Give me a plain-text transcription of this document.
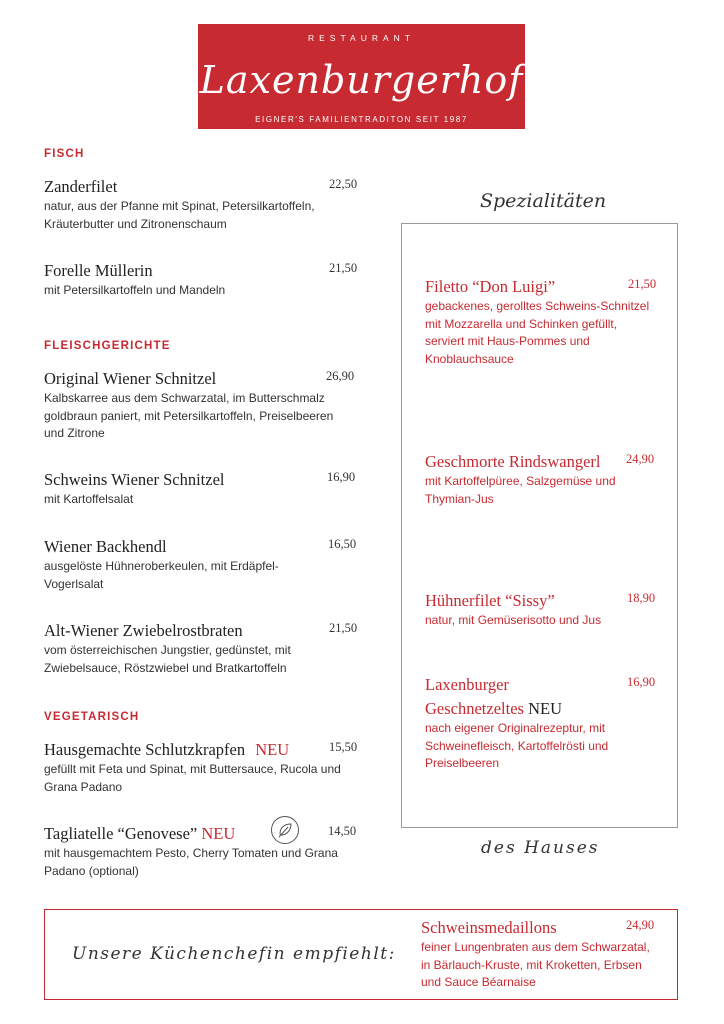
RESTAURANT
Laxenburgerhof
EIGNER'S FAMILIENTRADITON SEIT 1987
FISCH
Zanderfilet	22,50
natur, aus der Pfanne mit Spinat, Petersilkartoffeln, Kräuterbutter und Zitronenschaum
Forelle Müllerin	21,50
mit Petersilkartoffeln und Mandeln
FLEISCHGERICHTE
Original Wiener Schnitzel	26,90
Kalbskarree aus dem Schwarzatal, im Butterschmalz goldbraun paniert, mit Petersilkartoffeln, Preiselbeeren und Zitrone
Schweins Wiener Schnitzel	16,90
mit Kartoffelsalat
Wiener Backhendl	16,50
ausgelöste Hühneroberkeulen, mit Erdäpfel-Vogerlsalat
Alt-Wiener Zwiebelrostbraten	21,50
vom österreichischen Jungstier, gedünstet, mit Zwiebelsauce, Röstzwiebel und Bratkartoffeln
VEGETARISCH
Hausgemachte Schlutzkrapfen NEU	15,50
gefüllt mit Feta und Spinat, mit Buttersauce, Rucola und Grana Padano
Tagliatelle “Genovese” NEU	14,50
mit hausgemachtem Pesto, Cherry Tomaten und Grana Padano (optional)
Spezialitäten
Filetto “Don Luigi”	21,50
gebackenes, gerolltes Schweins-Schnitzel mit Mozzarella und Schinken gefüllt, serviert mit Haus-Pommes und Knoblauchsauce
Geschmorte Rindswangerl 24,90
mit Kartoffelpüree, Salzgemüse und Thymian-Jus
Hühnerfilet “Sissy”	18,90
natur, mit Gemüserisotto und Jus
Laxenburger	16,90
Geschnetzeltes NEU
nach eigener Originalrezeptur, mit Schweinefleisch, Kartoffelrösti und Preiselbeeren
des Hauses
Unsere Küchenchefin empfiehlt:
Schweinsmedaillons	24,90
feiner Lungenbraten aus dem Schwarzatal, in Bärlauch-Kruste, mit Kroketten, Erbsen und Sauce Béarnaise
